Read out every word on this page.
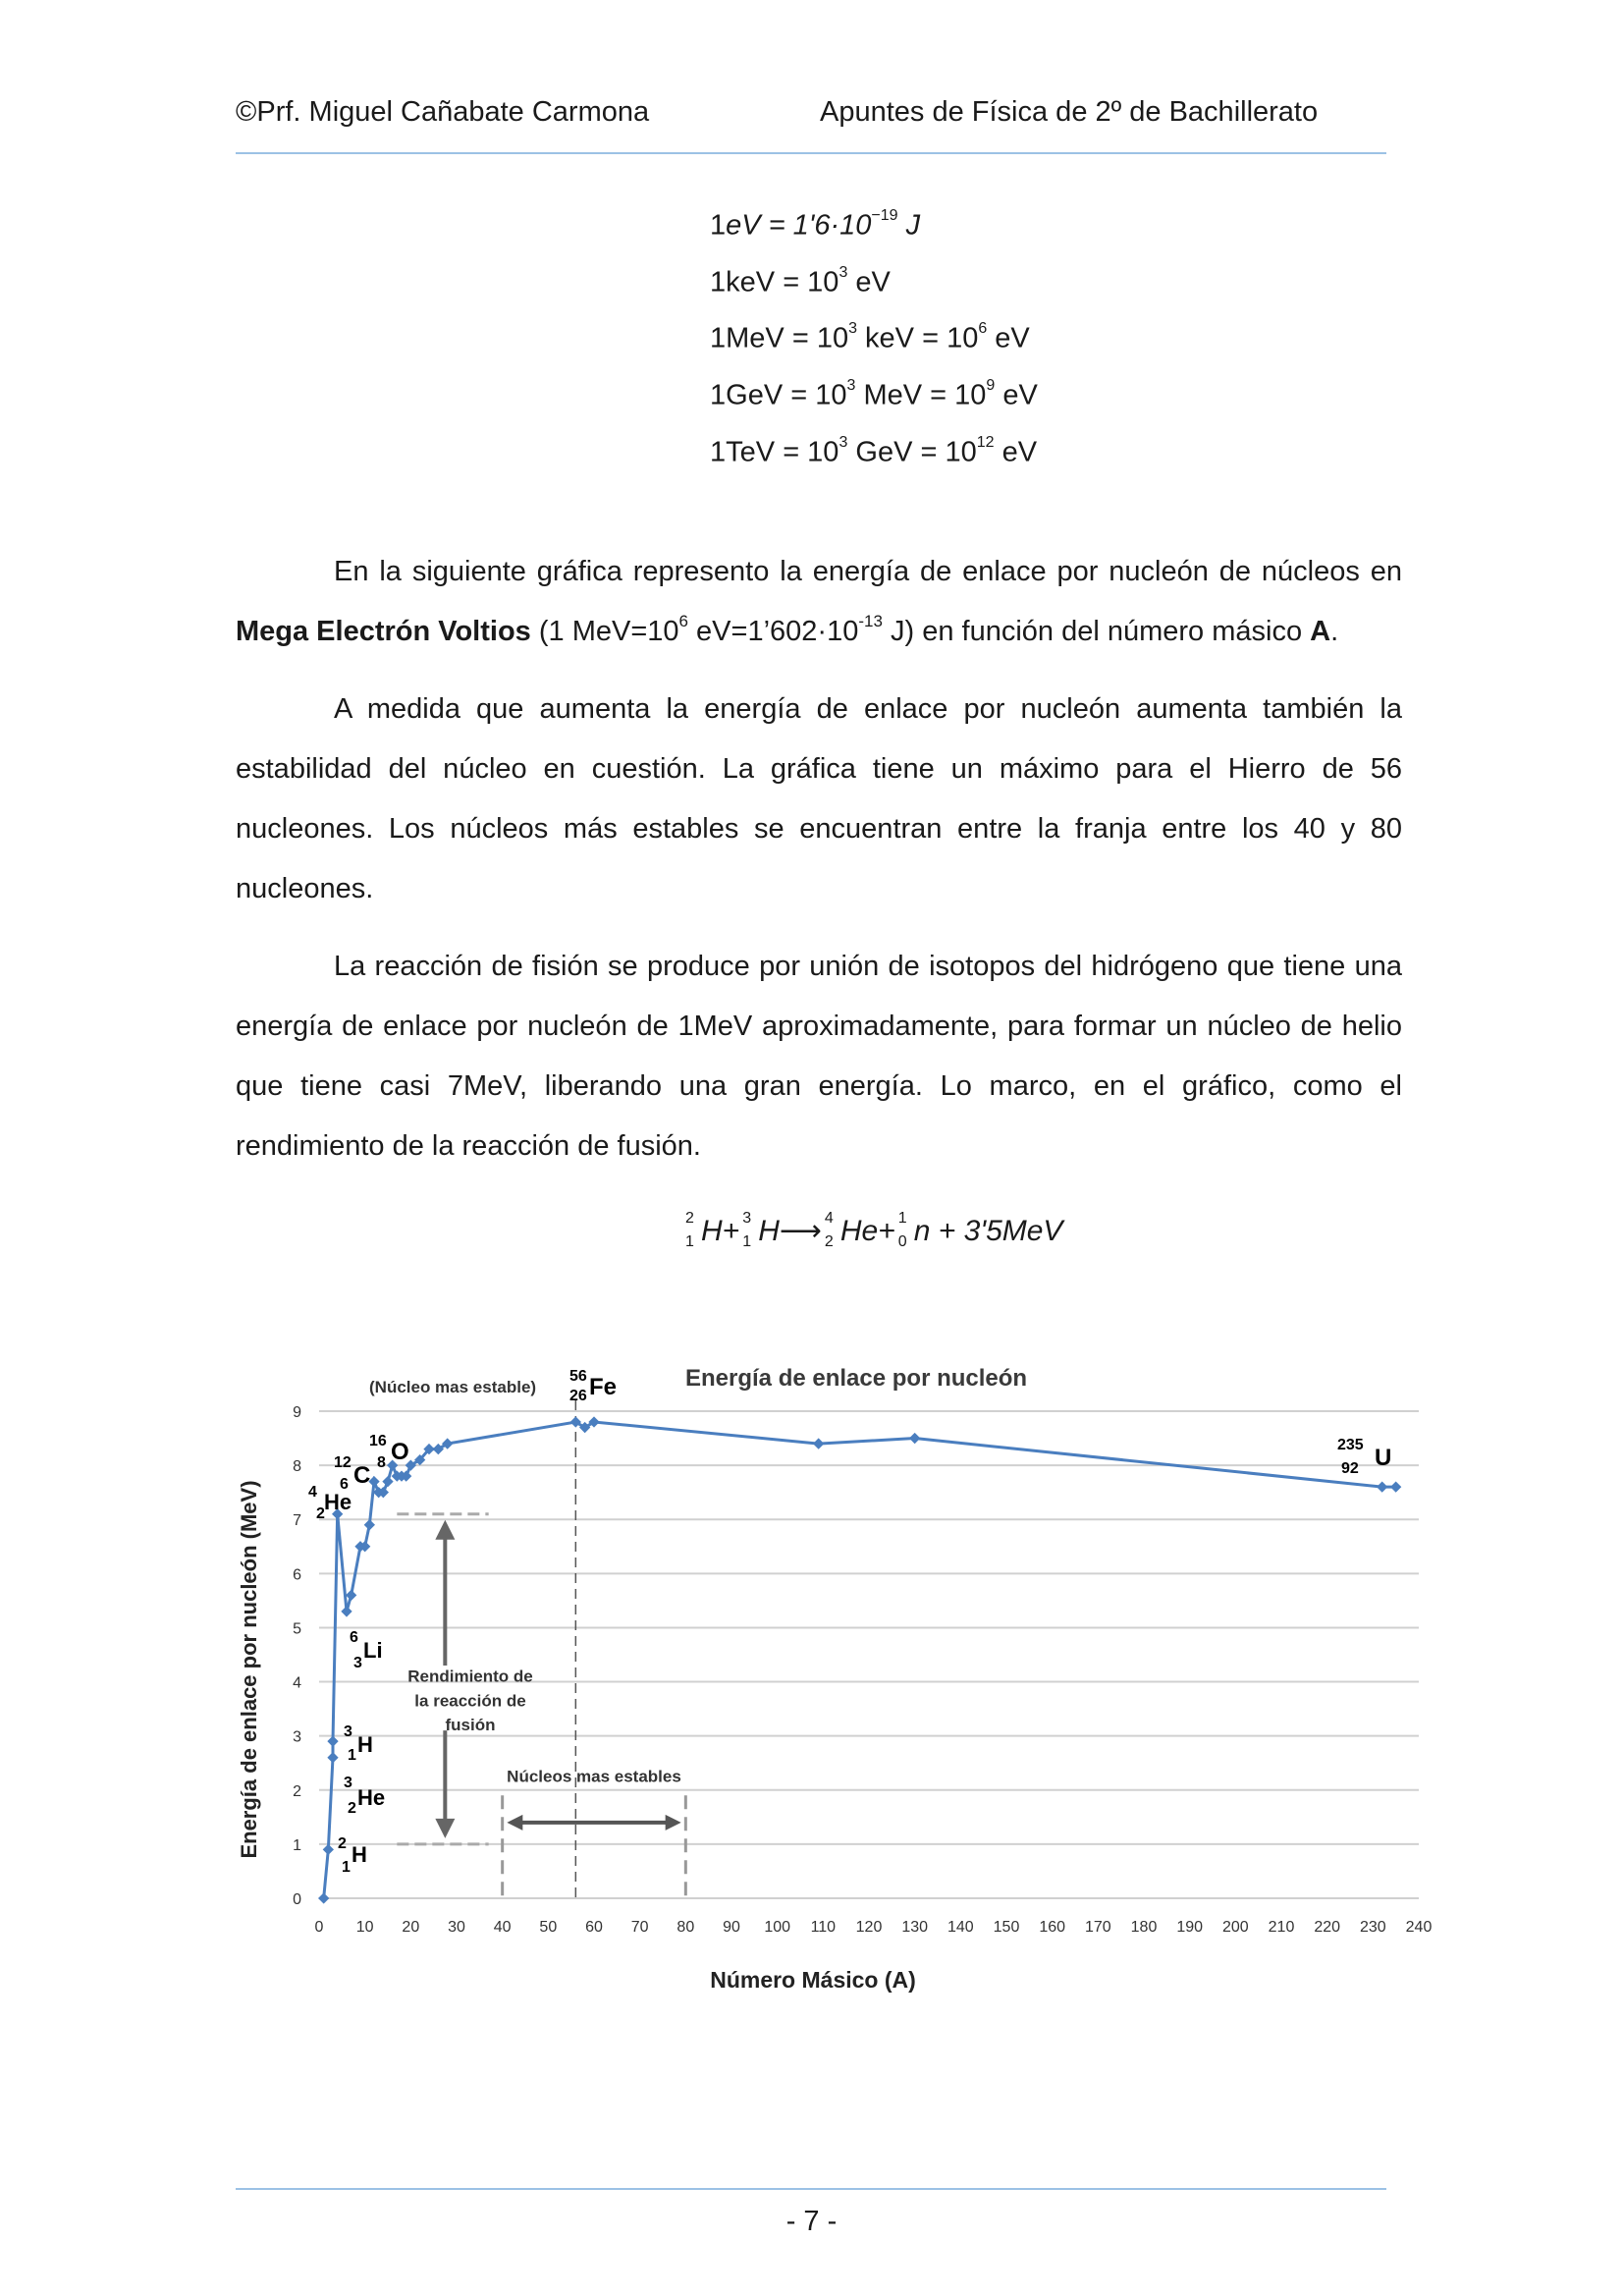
©Prf. Miguel Cañabate Carmona	Apuntes de Física de 2º de Bachillerato
$1eV = 1'6\cdot 10^{-19}$ J
$1keV = 10^3$ eV
$1MeV = 10^3$ keV = $10^6$ eV
$1GeV = 10^3$ MeV = $10^9$ eV
$1TeV = 10^3$ GeV = $10^{12}$ eV

En la siguiente gráfica represento la energía de enlace por nucleón de núcleos en

Mega Electrón Voltios (1 $MeV=10^6$ $eV=1’602\cdot 10^{-13}$ J) en función del número másico A.

A medida que aumenta la energía de enlace por nucleón aumenta también la estabilidad del núcleo en cuestión. La gráfica tiene un máximo para el Hierro de 56 nucleones. Los núcleos más estables se encuentran entre la franja entre los 40 y 80 nucleones.

La reacción de fisión se produce por unión de isotopos del hidrógeno que tiene una energía de enlace por nucleón de 1MeV aproximadamente, para formar un núcleo de helio que tiene casi 7MeV, liberando una gran energía. Lo marco, en el gráfico, como el rendimiento de la reacción de fusión.

2
1 H+ 3
1 H⟶ 4
2 He+ 1
0 n + 3'5MeV
Energía de enlace por nucleón
Energía de enlace por nucleón (MeV)
Número Másico (A)
0 10 20 30 40 50 60 70 80 90 100 110 120 130 140 150 160 170 180 190 200 210 220 230 240
0
1
2
3
4
5
6
7
8
9
Núcleos mas estables
Rendimiento de
la reacción de
fusión
(Núcleo mas estable)
56
26 Fe
235
92 U
16
8 O
12
6 C
4
2 He
6
3
Li
3
1 H
3
2 He
2
1
H
- 7 -
